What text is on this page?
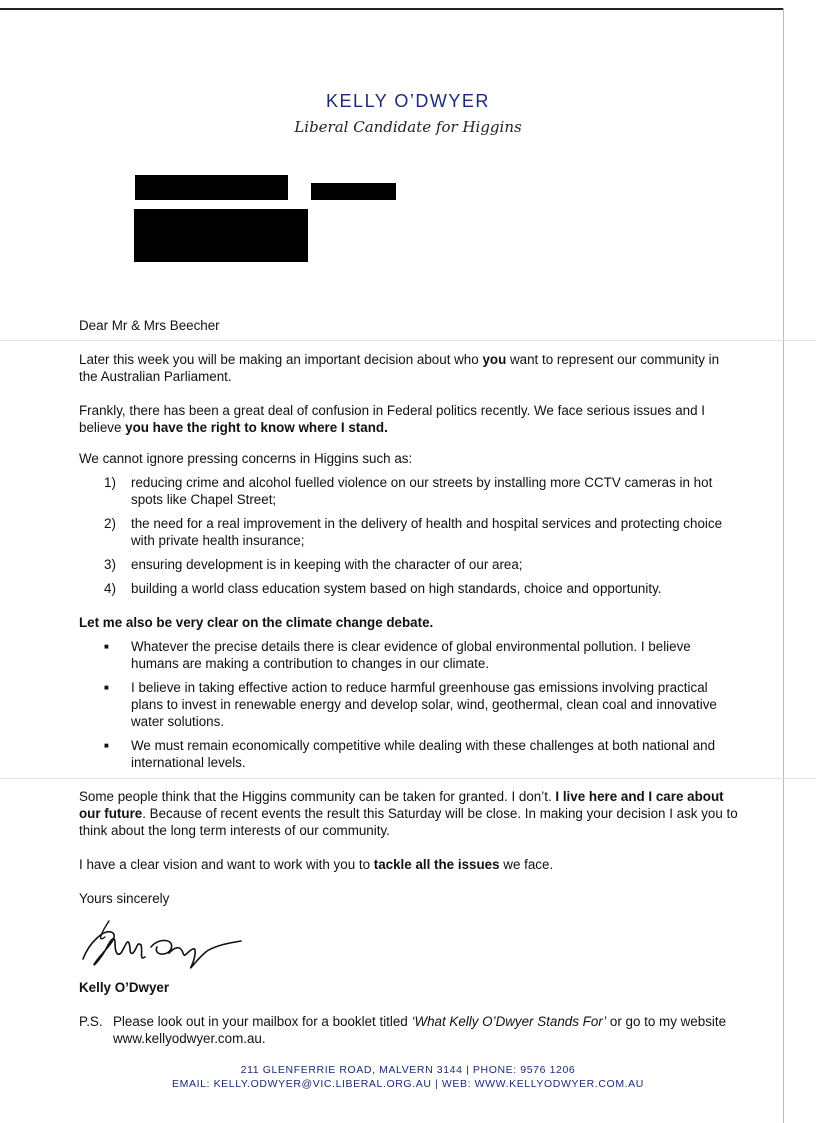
KELLY O’DWYER
Liberal Candidate for Higgins

Dear Mr & Mrs Beecher

Later this week you will be making an important decision about who you want to represent our community in the Australian Parliament.

Frankly, there has been a great deal of confusion in Federal politics recently. We face serious issues and I believe you have the right to know where I stand.

We cannot ignore pressing concerns in Higgins such as:

1)	reducing crime and alcohol fuelled violence on our streets by installing more CCTV cameras in hot spots like Chapel Street;
2)	the need for a real improvement in the delivery of health and hospital services and protecting choice with private health insurance;
3)	ensuring development is in keeping with the character of our area;
4)	building a world class education system based on high standards, choice and opportunity.

Let me also be very clear on the climate change debate.

■	Whatever the precise details there is clear evidence of global environmental pollution. I believe humans are making a contribution to changes in our climate.
■	I believe in taking effective action to reduce harmful greenhouse gas emissions involving practical plans to invest in renewable energy and develop solar, wind, geothermal, clean coal and innovative water solutions.
■	We must remain economically competitive while dealing with these challenges at both national and international levels.

Some people think that the Higgins community can be taken for granted. I don’t. I live here and I care about our future. Because of recent events the result this Saturday will be close. In making your decision I ask you to think about the long term interests of our community.

I have a clear vision and want to work with you to tackle all the issues we face.

Yours sincerely

Kelly O’Dwyer

P.S. Please look out in your mailbox for a booklet titled ‘What Kelly O’Dwyer Stands For’ or go to my website www.kellyodwyer.com.au.
211 GLENFERRIE ROAD, MALVERN 3144 | PHONE: 9576 1206
EMAIL: KELLY.ODWYER@VIC.LIBERAL.ORG.AU | WEB: WWW.KELLYODWYER.COM.AU
